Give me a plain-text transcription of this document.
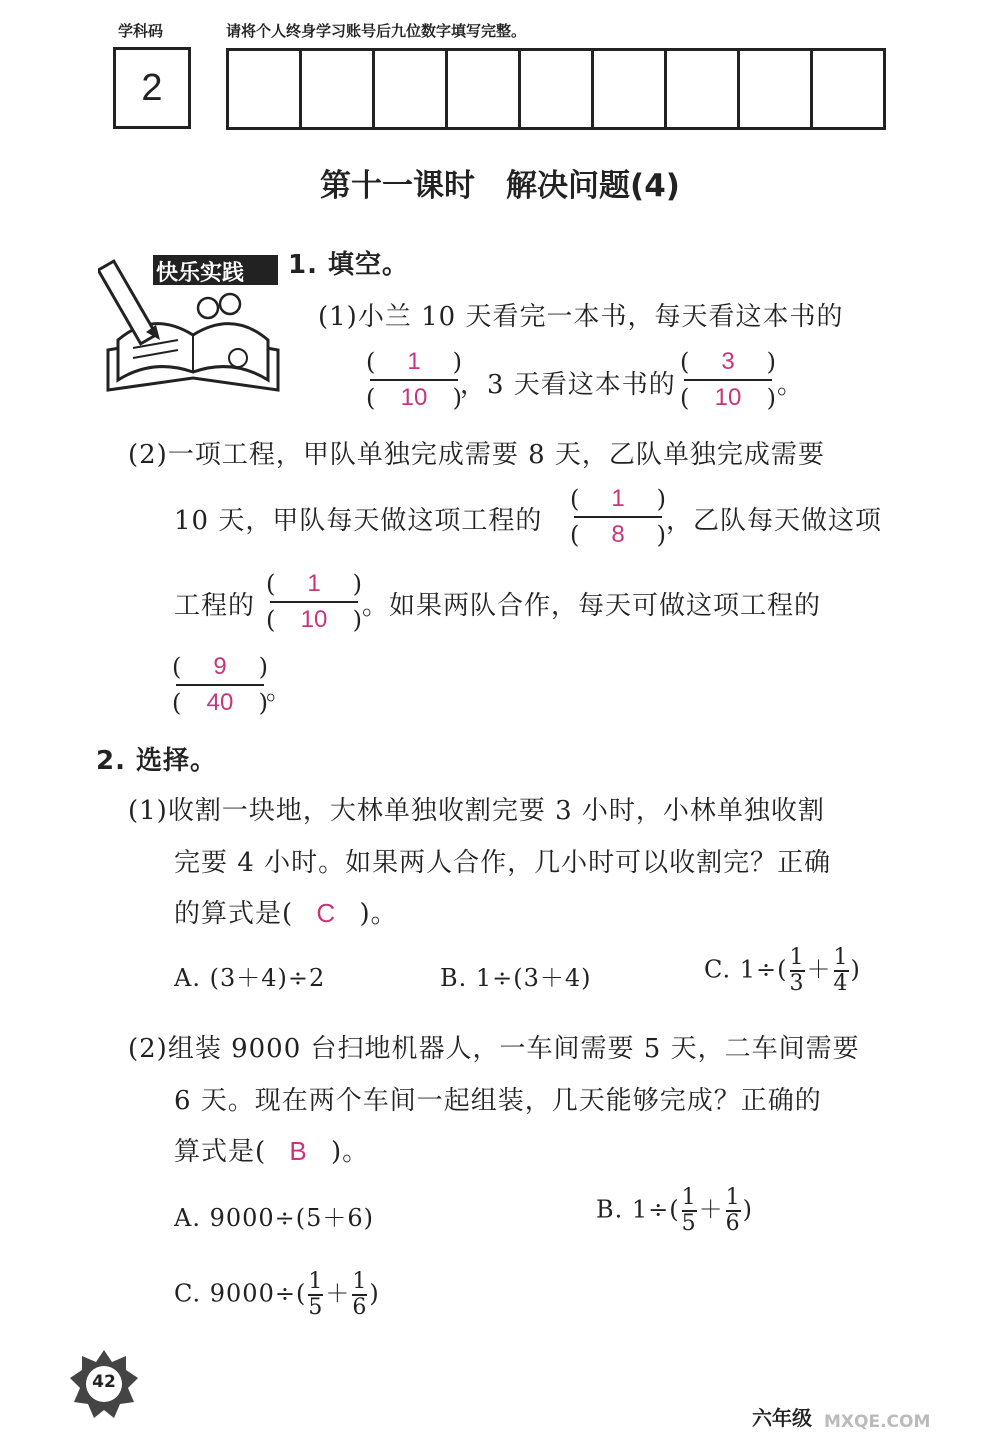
学科码	请将个人终身学习账号后九位数字填写完整。
2
第十一课时　解决问题(4)
快乐实践 1. 填空。
(1)小兰 10 天看完一本书，每天看这本书的
( 1 )
( 10 )
，3 天看这本书的
( 3 )
( 10 ) 。
(2)一项工程，甲队单独完成需要 8 天，乙队单独完成需要
10 天，甲队每天做这项工程的
( 1 )
( 8 ) ，乙队每天做这项
工程的
( 1 )
( 10 ) 。如果两队合作，每天可做这项工程的
( 9 )
( 40 )
。
2. 选择。
(1)收割一块地，大林单独收割完要 3 小时，小林单独收割
完要 4 小时。如果两人合作，几小时可以收割完？正确
的算式是( C )。
A. (3＋4)÷2	B. 1÷(3＋4)	C. $1\div( \frac{1}{3} + \frac{1}{4}$ )
(2)组装 9000 台扫地机器人，一车间需要 5 天，二车间需要
6 天。现在两个车间一起组装，几天能够完成？正确的
算式是( B )。
A. 9000÷(5＋6)	B. $1\div( \frac{1}{5} + \frac{1}{6}$ )
C. $9000\div( \frac{1}{5} + \frac{1}{6}$ )
42
六年级 MXQE.COM
